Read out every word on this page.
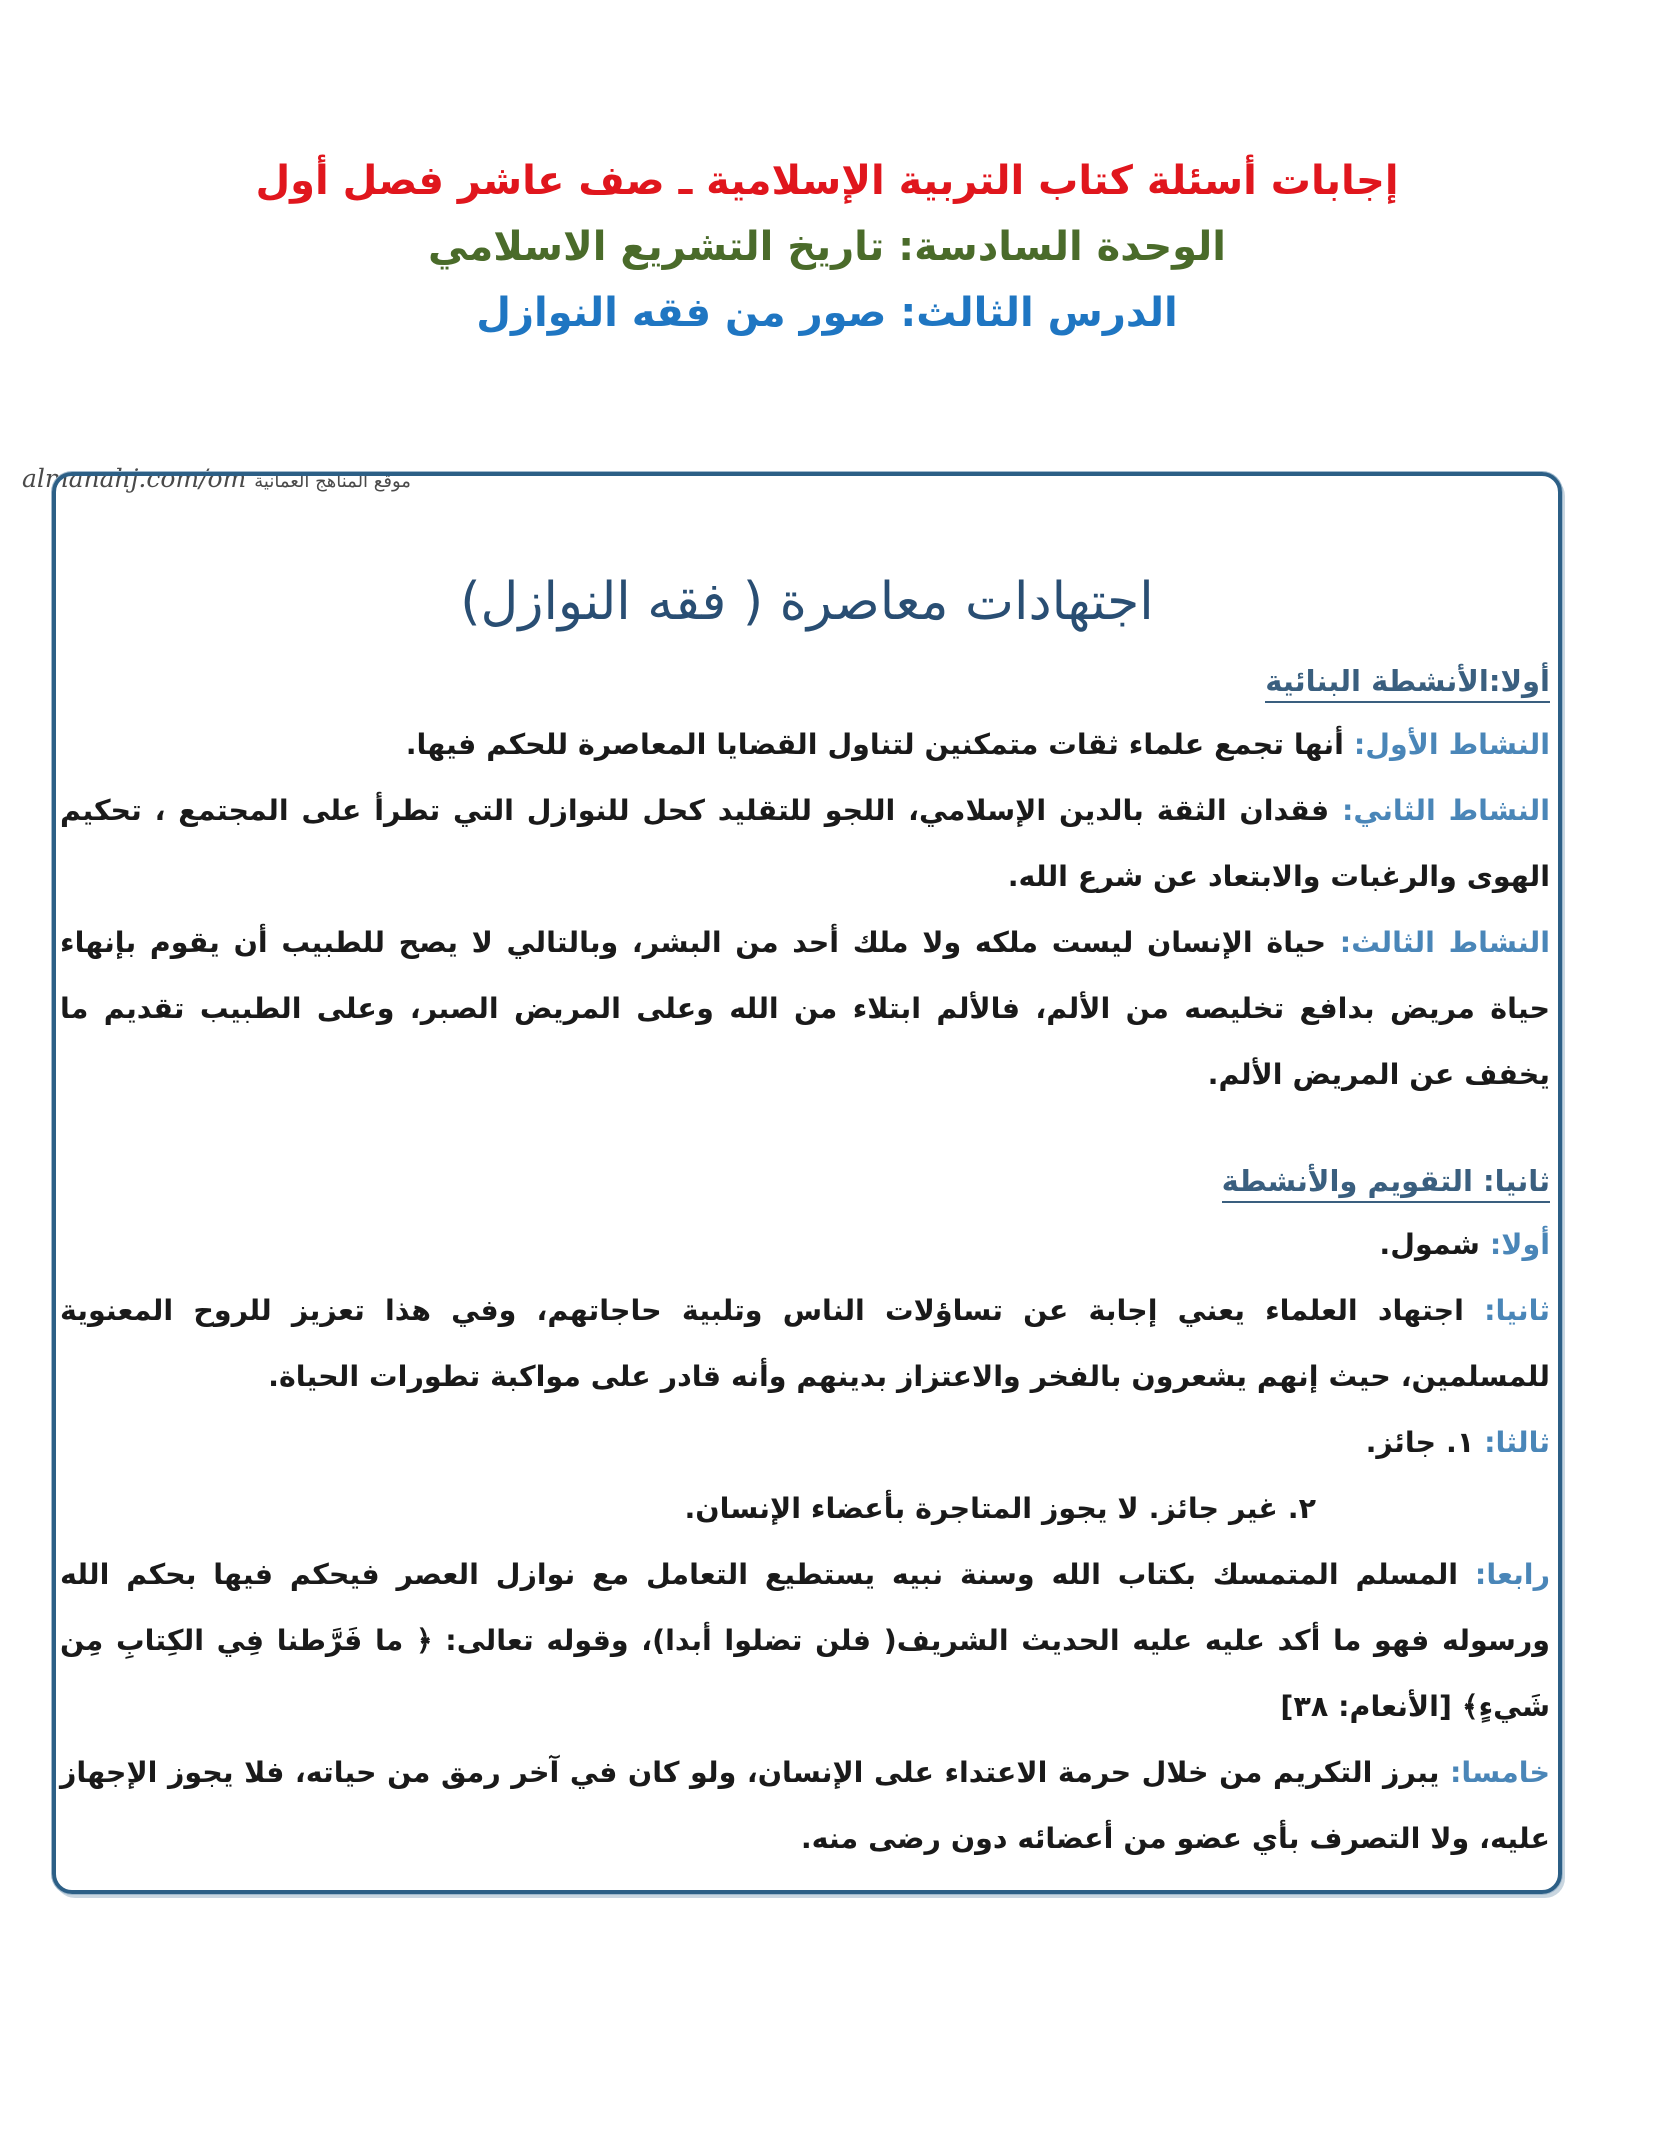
إجابات أسئلة كتاب التربية الإسلامية ـ صف عاشر فصل أول

الوحدة السادسة: تاريخ التشريع الاسلامي

الدرس الثالث: صور من فقه النوازل

almanahj.com/om موقع المناهج العمانية
اجتهادات معاصرة ( فقه النوازل)

أولا:الأنشطة البنائية

النشاط الأول: أنها تجمع علماء ثقات متمكنين لتناول القضايا المعاصرة للحكم فيها.

النشاط الثاني: فقدان الثقة بالدين الإسلامي، اللجو للتقليد كحل للنوازل التي تطرأ على المجتمع ، تحكيم الهوى والرغبات والابتعاد عن شرع الله.

النشاط الثالث: حياة الإنسان ليست ملكه ولا ملك أحد من البشر، وبالتالي لا يصح للطبيب أن يقوم بإنهاء حياة مريض بدافع تخليصه من الألم، فالألم ابتلاء من الله وعلى المريض الصبر، وعلى الطبيب تقديم ما يخفف عن المريض الألم.

ثانيا: التقويم والأنشطة

أولا: شمول.

ثانيا: اجتهاد العلماء يعني إجابة عن تساؤلات الناس وتلبية حاجاتهم، وفي هذا تعزيز للروح المعنوية للمسلمين، حيث إنهم يشعرون بالفخر والاعتزاز بدينهم وأنه قادر على مواكبة تطورات الحياة.

ثالثا: ١. جائز.

٢. غير جائز. لا يجوز المتاجرة بأعضاء الإنسان.

رابعا: المسلم المتمسك بكتاب الله وسنة نبيه يستطيع التعامل مع نوازل العصر فيحكم فيها بحكم الله ورسوله فهو ما أكد عليه عليه الحديث الشريف( فلن تضلوا أبدا)، وقوله تعالى: ﴿ ما فَرَّطنا فِي الكِتابِ مِن شَيءٍ﴾ [الأنعام: ٣٨]

خامسا: يبرز التكريم من خلال حرمة الاعتداء على الإنسان، ولو كان في آخر رمق من حياته، فلا يجوز الإجهاز عليه، ولا التصرف بأي عضو من أعضائه دون رضى منه.
